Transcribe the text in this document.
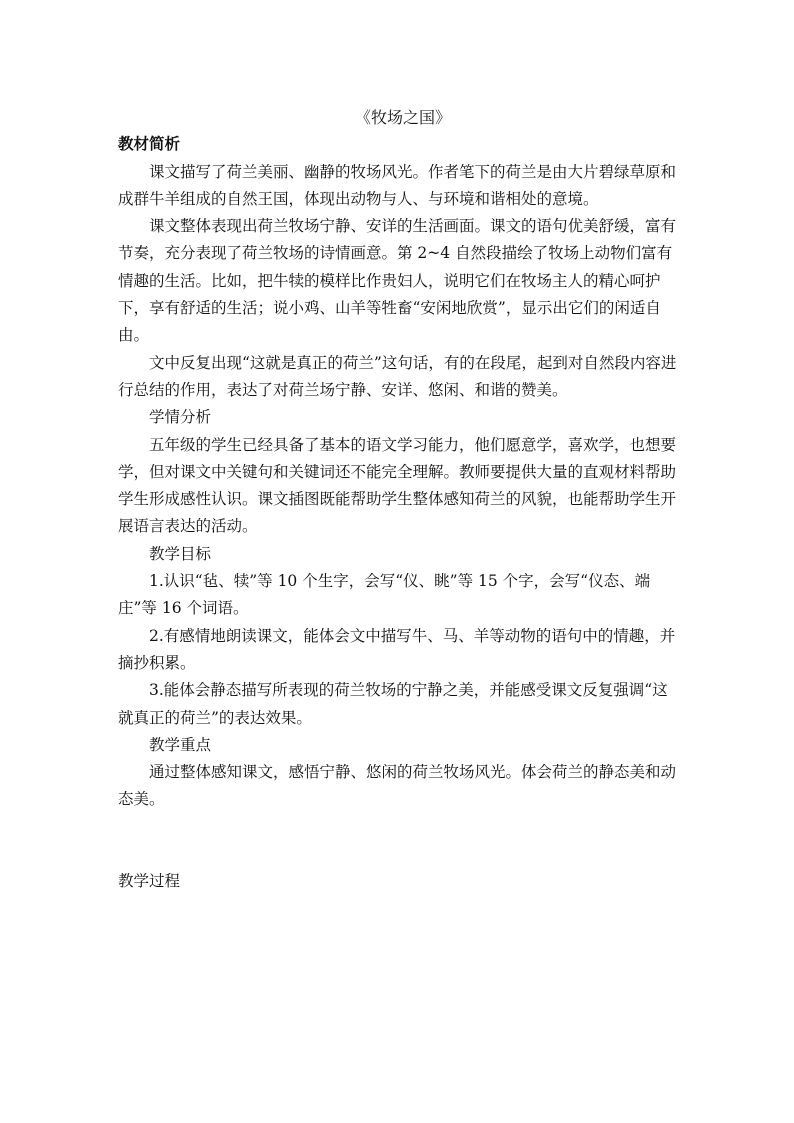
《牧场之国》
教材简析

课文描写了荷兰美丽、幽静的牧场风光。作者笔下的荷兰是由大片碧绿草原和成群牛羊组成的自然王国，体现出动物与人、与环境和谐相处的意境。

课文整体表现出荷兰牧场宁静、安详的生活画面。课文的语句优美舒缓，富有节奏，充分表现了荷兰牧场的诗情画意。第 2~4 自然段描绘了牧场上动物们富有情趣的生活。比如，把牛犊的模样比作贵妇人，说明它们在牧场主人的精心呵护下，享有舒适的生活；说小鸡、山羊等牲畜“安闲地欣赏”，显示出它们的闲适自由。

文中反复出现“这就是真正的荷兰”这句话，有的在段尾，起到对自然段内容进行总结的作用，表达了对荷兰场宁静、安详、悠闲、和谐的赞美。

学情分析

五年级的学生已经具备了基本的语文学习能力，他们愿意学，喜欢学，也想要学，但对课文中关键句和关键词还不能完全理解。教师要提供大量的直观材料帮助学生形成感性认识。课文插图既能帮助学生整体感知荷兰的风貌，也能帮助学生开展语言表达的活动。

教学目标

1.认识“毡、犊”等 10 个生字，会写“仪、眺”等 15 个字，会写“仪态、端庄”等 16 个词语。

2.有感情地朗读课文，能体会文中描写牛、马、羊等动物的语句中的情趣，并摘抄积累。

3.能体会静态描写所表现的荷兰牧场的宁静之美，并能感受课文反复强调“这就真正的荷兰”的表达效果。

教学重点

通过整体感知课文，感悟宁静、悠闲的荷兰牧场风光。体会荷兰的静态美和动态美。

教学过程
